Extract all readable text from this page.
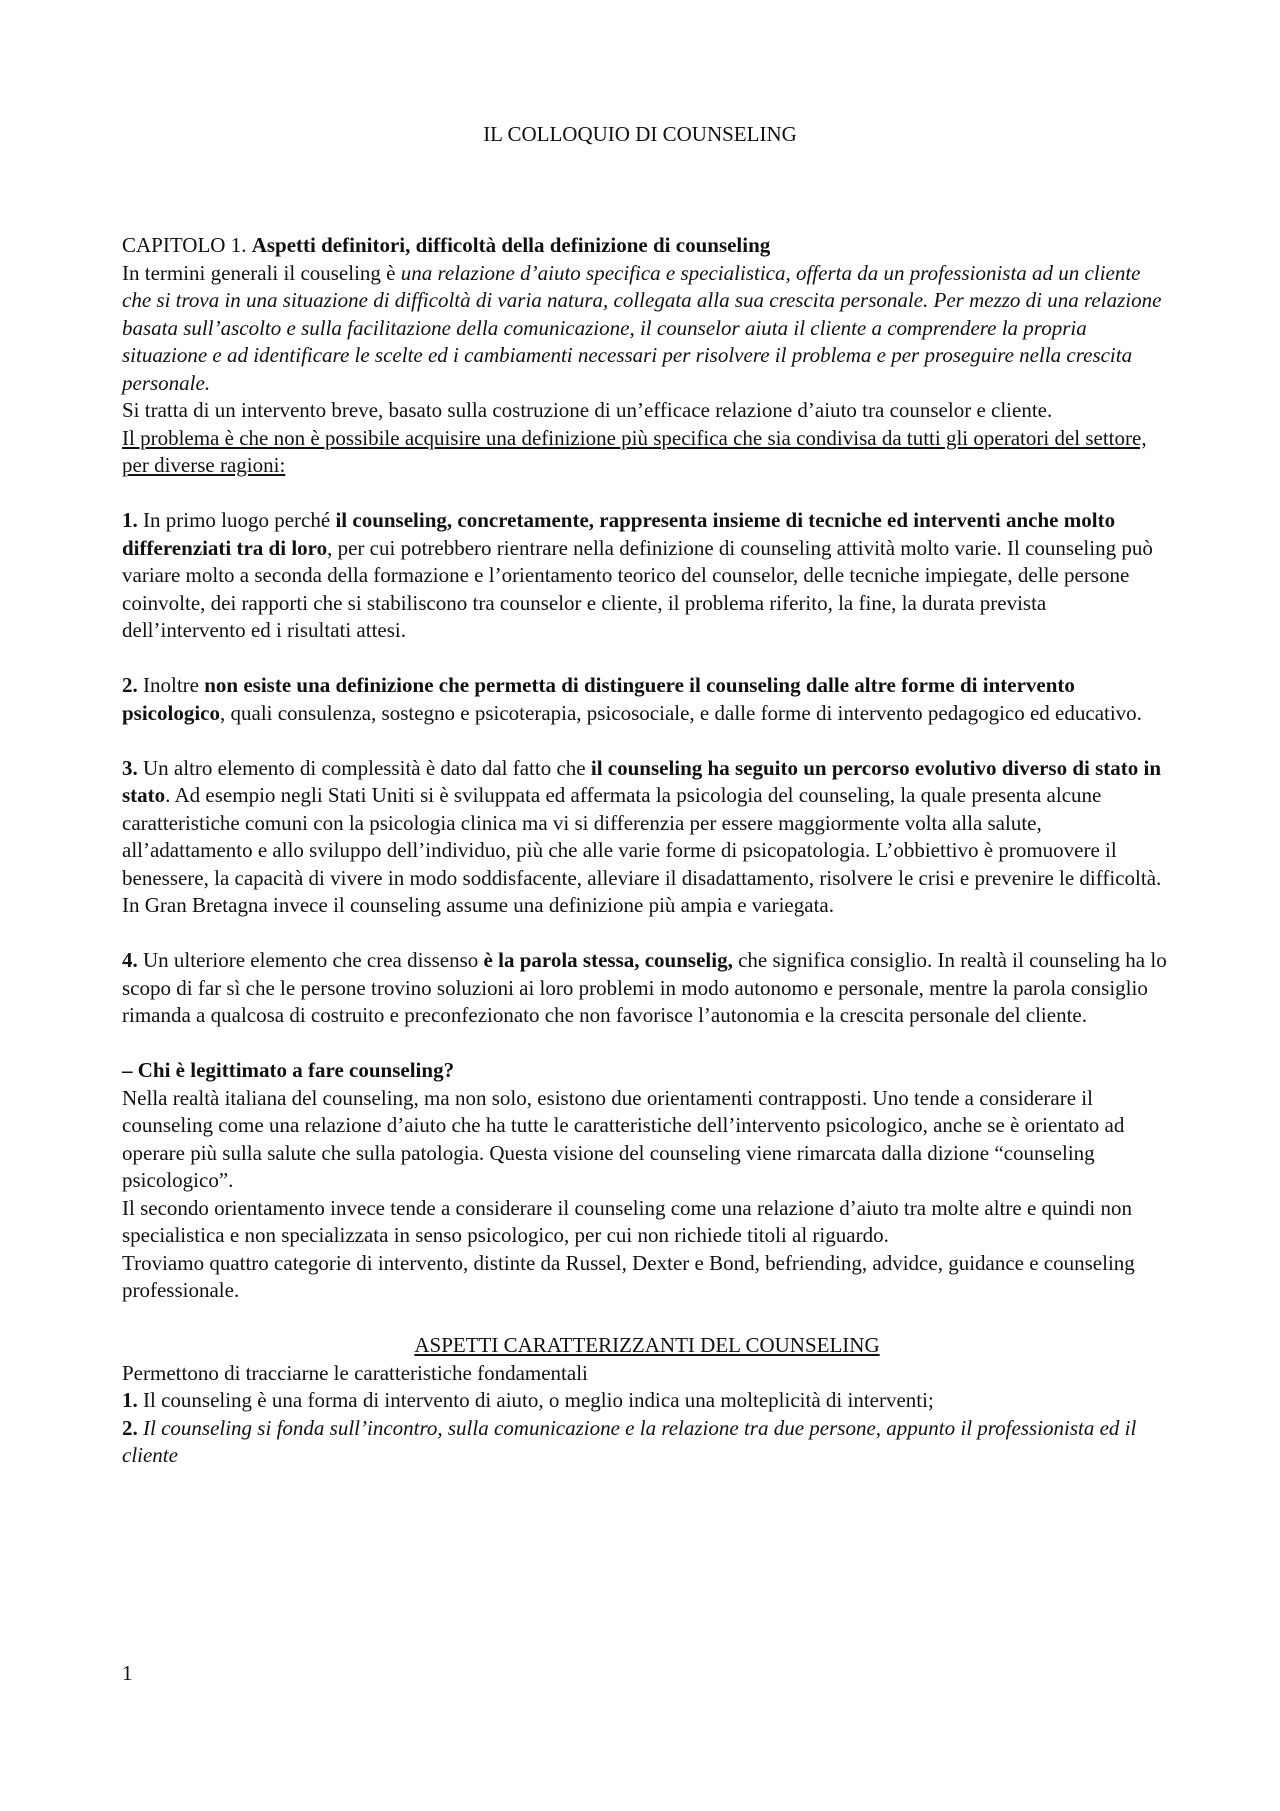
IL COLLOQUIO DI COUNSELING

CAPITOLO 1. Aspetti definitori, difficoltà della definizione di counseling

In termini generali il couseling è una relazione d’aiuto specifica e specialistica, offerta da un professionista ad un cliente che si trova in una situazione di difficoltà di varia natura, collegata alla sua crescita personale. Per mezzo di una relazione basata sull’ascolto e sulla facilitazione della comunicazione, il counselor aiuta il cliente a comprendere la propria situazione e ad identificare le scelte ed i cambiamenti necessari per risolvere il problema e per proseguire nella crescita personale.

Si tratta di un intervento breve, basato sulla costruzione di un’efficace relazione d’aiuto tra counselor e cliente.

Il problema è che non è possibile acquisire una definizione più specifica che sia condivisa da tutti gli operatori del settore, per diverse ragioni:

1. In primo luogo perché il counseling, concretamente, rappresenta insieme di tecniche ed interventi anche molto differenziati tra di loro, per cui potrebbero rientrare nella definizione di counseling attività molto varie. Il counseling può variare molto a seconda della formazione e l’orientamento teorico del counselor, delle tecniche impiegate, delle persone coinvolte, dei rapporti che si stabiliscono tra counselor e cliente, il problema riferito, la fine, la durata prevista dell’intervento ed i risultati attesi.

2. Inoltre non esiste una definizione che permetta di distinguere il counseling dalle altre forme di intervento psicologico, quali consulenza, sostegno e psicoterapia, psicosociale, e dalle forme di intervento pedagogico ed educativo.

3. Un altro elemento di complessità è dato dal fatto che il counseling ha seguito un percorso evolutivo diverso di stato in stato. Ad esempio negli Stati Uniti si è sviluppata ed affermata la psicologia del counseling, la quale presenta alcune caratteristiche comuni con la psicologia clinica ma vi si differenzia per essere maggiormente volta alla salute, all’adattamento e allo sviluppo dell’individuo, più che alle varie forme di psicopatologia. L’obbiettivo è promuovere il benessere, la capacità di vivere in modo soddisfacente, alleviare il disadattamento, risolvere le crisi e prevenire le difficoltà. In Gran Bretagna invece il counseling assume una definizione più ampia e variegata.

4. Un ulteriore elemento che crea dissenso è la parola stessa, counselig, che significa consiglio. In realtà il counseling ha lo scopo di far sì che le persone trovino soluzioni ai loro problemi in modo autonomo e personale, mentre la parola consiglio rimanda a qualcosa di costruito e preconfezionato che non favorisce l’autonomia e la crescita personale del cliente.

– Chi è legittimato a fare counseling?

Nella realtà italiana del counseling, ma non solo, esistono due orientamenti contrapposti. Uno tende a considerare il counseling come una relazione d’aiuto che ha tutte le caratteristiche dell’intervento psicologico, anche se è orientato ad operare più sulla salute che sulla patologia. Questa visione del counseling viene rimarcata dalla dizione “counseling psicologico”.

Il secondo orientamento invece tende a considerare il counseling come una relazione d’aiuto tra molte altre e quindi non specialistica e non specializzata in senso psicologico, per cui non richiede titoli al riguardo.

Troviamo quattro categorie di intervento, distinte da Russel, Dexter e Bond, befriending, advidce, guidance e counseling professionale.

ASPETTI CARATTERIZZANTI DEL COUNSELING

Permettono di tracciarne le caratteristiche fondamentali

1. Il counseling è una forma di intervento di aiuto, o meglio indica una molteplicità di interventi;

2. Il counseling si fonda sull’incontro, sulla comunicazione e la relazione tra due persone, appunto il professionista ed il cliente

1
